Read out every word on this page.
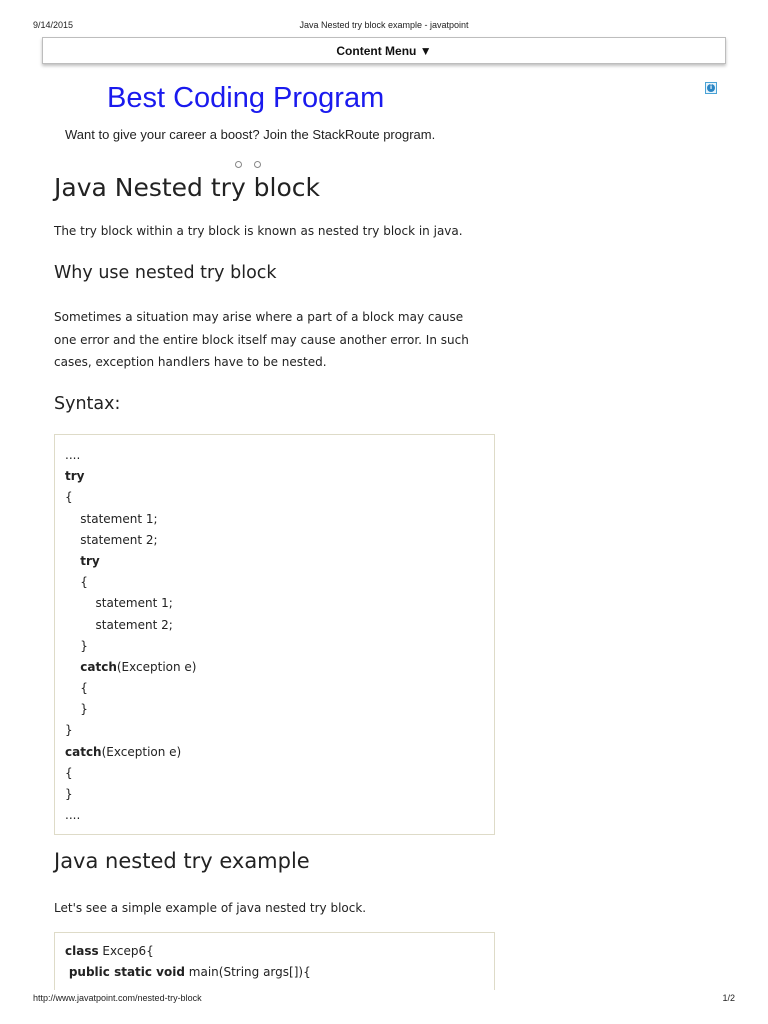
9/14/2015	Java Nested try block example - javatpoint
Content Menu ▼
i
Best Coding Program
Want to give your career a boost? Join the StackRoute program.
Java Nested try block
The try block within a try block is known as nested try block in java.
Why use nested try block
Sometimes a situation may arise where a part of a block may cause
one error and the entire block itself may cause another error. In such
cases, exception handlers have to be nested.
Syntax:
....
try
{
statement 1;
statement 2;
try
{
statement 1;
statement 2;
}
catch(Exception e)
{
}
}
catch(Exception e)
{
}
....
Java nested try example
Let's see a simple example of java nested try block.
class Excep6{
public static void main(String args[]){
http://www.javatpoint.com/nested-try-block	1/2
